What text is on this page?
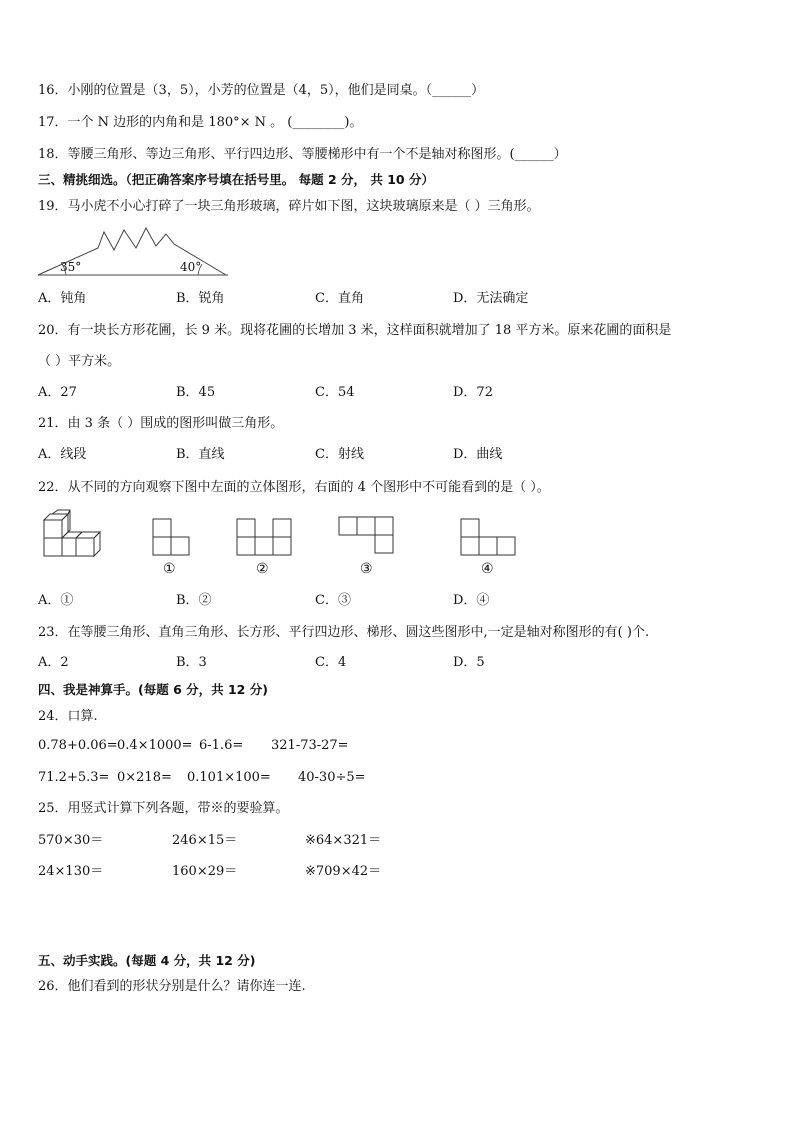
16．小刚的位置是（3，5），小芳的位置是（4，5），他们是同桌。（______）
17．一个 N 边形的内角和是 180°× N 。 (________)。
18．等腰三角形、等边三角形、平行四边形、等腰梯形中有一个不是轴对称图形。(______）
三、精挑细选。（把正确答案序号填在括号里。 每题 2 分， 共 10 分）
19．马小虎不小心打碎了一块三角形玻璃，碎片如下图，这块玻璃原来是（ ）三角形。
35°	40°
A．钝角	B．锐角	C．直角	D．无法确定
20．有一块长方形花圃，长 9 米。现将花圃的长增加 3 米，这样面积就增加了 18 平方米。原来花圃的面积是
（ ）平方米。
A．27	B．45	C．54	D．72
21．由 3 条（ ）围成的图形叫做三角形。
A．线段	B．直线	C．射线	D．曲线
22．从不同的方向观察下图中左面的立体图形，右面的 4 个图形中不可能看到的是（ ）。
①	②	③	④
A．①	B．②	C．③	D．④
23．在等腰三角形、直角三角形、长方形、平行四边形、梯形、圆这些图形中,一定是轴对称图形的有( )个.
A．2	B．3	C．4	D．5
四、我是神算手。(每题 6 分，共 12 分)
24．口算.
0.78+0.06= 0.4×1000= 6-1.6= 321-73-27=
71.2+5.3= 0×218= 0.101×100= 40-30÷5=
25．用竖式计算下列各题，带※的要验算。
570×30＝	246×15＝	※64×321＝
24×130＝	160×29＝	※709×42＝
五、动手实践。(每题 4 分，共 12 分)
26．他们看到的形状分别是什么？请你连一连.
